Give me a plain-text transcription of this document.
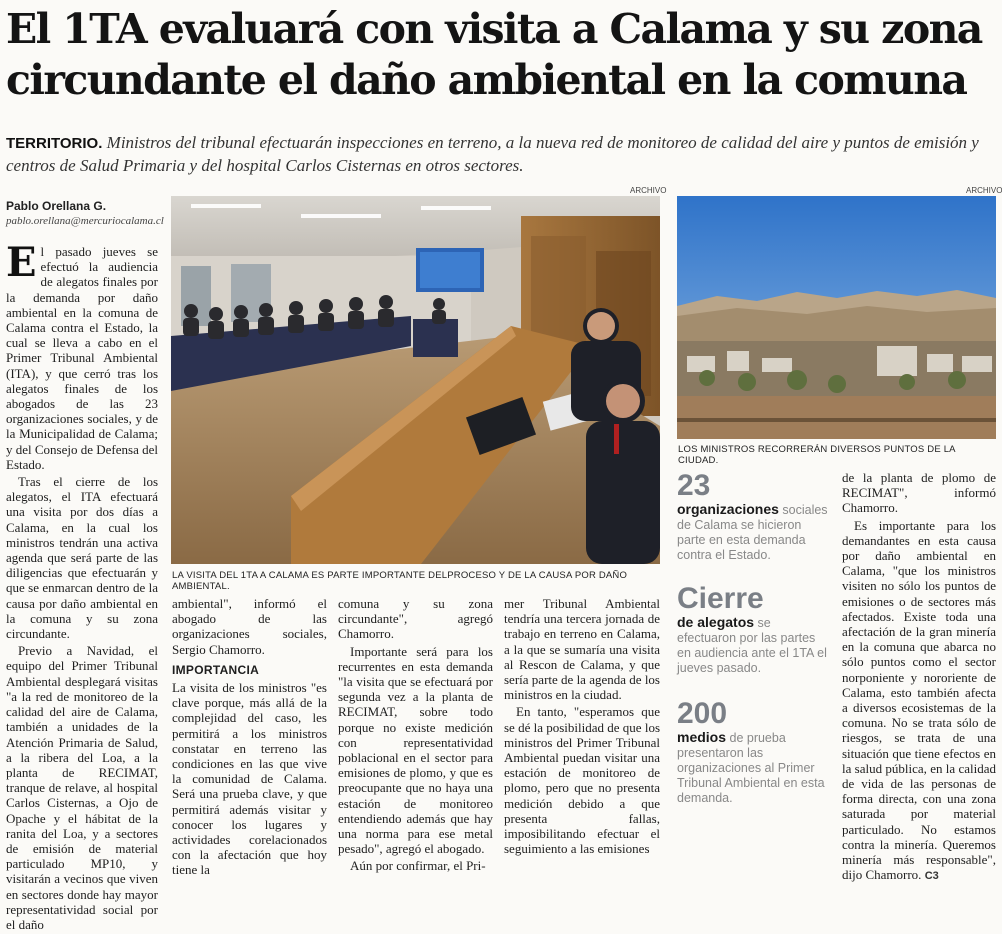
El 1TA evaluará con visita a Calama y su zona
circundante el daño ambiental en la comuna
TERRITORIO. Ministros del tribunal efectuarán inspecciones en terreno, a la nueva red de monitoreo de calidad del aire y puntos de emisión y centros de Salud Primaria y del hospital Carlos Cisternas en otros sectores.
Pablo Orellana G.
pablo.orellana@mercuriocalama.cl

El pasado jueves se efectuó la audiencia de alegatos finales por la demanda por daño ambiental en la comuna de Calama contra el Estado, la cual se lleva a cabo en el Primer Tribunal Ambiental (ITA), y que cerró tras los alegatos finales de los abogados de las 23 organizaciones sociales, y de la Municipalidad de Calama; y del Consejo de Defensa del Estado.

Tras el cierre de los alegatos, el ITA efectuará una visita por dos días a Calama, en la cual los ministros tendrán una activa agenda que será parte de las diligencias que efectuarán y que se enmarcan dentro de la causa por daño ambiental en la comuna y su zona circundante.

Previo a Navidad, el equipo del Primer Tribunal Ambiental desplegará visitas "a la red de monitoreo de la calidad del aire de Calama, también a unidades de la Atención Primaria de Salud, a la ribera del Loa, a la planta de RECIMAT, tranque de relave, al hospital Carlos Cisternas, a Ojo de Opache y el hábitat de la ranita del Loa, y a sectores de emisión de material particulado MP10, y visitarán a vecinos que viven en sectores donde hay mayor representatividad social por el daño

ARCHIVO
LA VISITA DEL 1TA A CALAMA ES PARTE IMPORTANTE DELPROCESO Y DE LA CAUSA POR DAÑO AMBIENTAL.
ARCHIVO
LOS MINISTROS RECORRERÁN DIVERSOS PUNTOS DE LA CIUDAD.

ambiental", informó el abogado de las organizaciones sociales, Sergio Chamorro.

IMPORTANCIA

La visita de los ministros "es clave porque, más allá de la complejidad del caso, les permitirá a los ministros constatar en terreno las condiciones en las que vive la comunidad de Calama. Será una prueba clave, y que permitirá además visitar y conocer los lugares y actividades corelacionados con la afectación que hoy tiene la

comuna y su zona circundante", agregó Chamorro.

Importante será para los recurrentes en esta demanda "la visita que se efectuará por segunda vez a la planta de RECIMAT, sobre todo porque no existe medición con representatividad poblacional en el sector para emisiones de plomo, y que es preocupante que no haya una estación de monitoreo entendiendo además que hay una norma para ese metal pesado", agregó el abogado.

Aún por confirmar, el Pri-

mer Tribunal Ambiental tendría una tercera jornada de trabajo en terreno en Calama, a la que se sumaría una visita al Rescon de Calama, y que sería parte de la agenda de los ministros en la ciudad.

En tanto, "esperamos que se dé la posibilidad de que los ministros del Primer Tribunal Ambiental puedan visitar una estación de monitoreo de plomo, pero que no presenta medición debido a que presenta fallas, imposibilitando efectuar el seguimiento a las emisiones

23
organizaciones sociales de Calama se hicieron parte en esta demanda contra el Estado.
Cierre
de alegatos se efectuaron por las partes en audiencia ante el 1TA el jueves pasado.
200
medios de prueba presentaron las organizaciones al Primer Tribunal Ambiental en esta demanda.

de la planta de plomo de RECIMAT", informó Chamorro.

Es importante para los demandantes en esta causa por daño ambiental en Calama, "que los ministros visiten no sólo los puntos de emisiones o de sectores más afectados. Existe toda una afectación de la gran minería en la comuna que abarca no sólo puntos como el sector norponiente y nororiente de Calama, esto también afecta a diversos ecosistemas de la comuna. No se trata sólo de riesgos, se trata de una situación que tiene efectos en la salud pública, en la calidad de vida de las personas de forma directa, con una zona saturada por material particulado. No estamos contra la minería. Queremos minería más responsable", dijo Chamorro. C3
